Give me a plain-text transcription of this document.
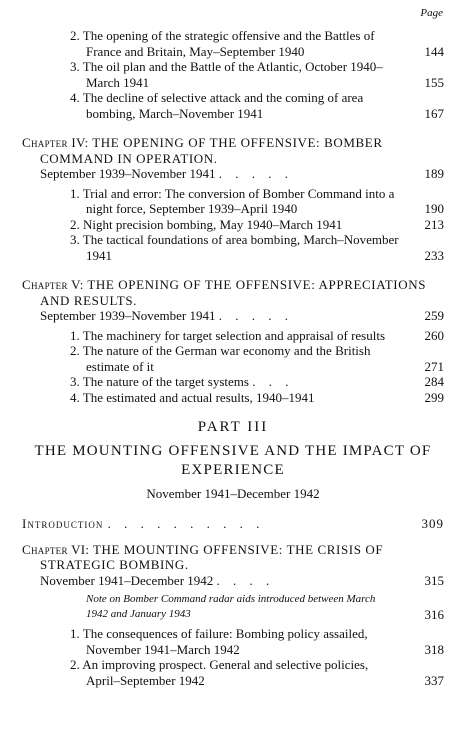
Page
2. The opening of the strategic offensive and the Battles of France and Britain, May–September 1940	144
3. The oil plan and the Battle of the Atlantic, October 1940–March 1941	155
4. The decline of selective attack and the coming of area bombing, March–November 1941	167
Chapter IV: THE OPENING OF THE OFFENSIVE: BOMBER COMMAND IN OPERATION.
September 1939–November 1941 . . . . .	189
1. Trial and error: The conversion of Bomber Command into a night force, September 1939–April 1940	190
2. Night precision bombing, May 1940–March 1941	213
3. The tactical foundations of area bombing, March–November 1941	233
Chapter V: THE OPENING OF THE OFFENSIVE: APPRECIATIONS AND RESULTS.
September 1939–November 1941 . . . . .	259
1. The machinery for target selection and appraisal of results	260
2. The nature of the German war economy and the British estimate of it	271
3. The nature of the target systems . . .	284
4. The estimated and actual results, 1940–1941	299
PART III
THE MOUNTING OFFENSIVE AND THE IMPACT OF EXPERIENCE
November 1941–December 1942
Introduction . . . . . . . . . .	309
Chapter VI: THE MOUNTING OFFENSIVE: THE CRISIS OF STRATEGIC BOMBING.
November 1941–December 1942 . . . .	315
Note on Bomber Command radar aids introduced between March 1942 and January 1943	316
1. The consequences of failure: Bombing policy assailed, November 1941–March 1942	318
2. An improving prospect. General and selective policies, April–September 1942	337
